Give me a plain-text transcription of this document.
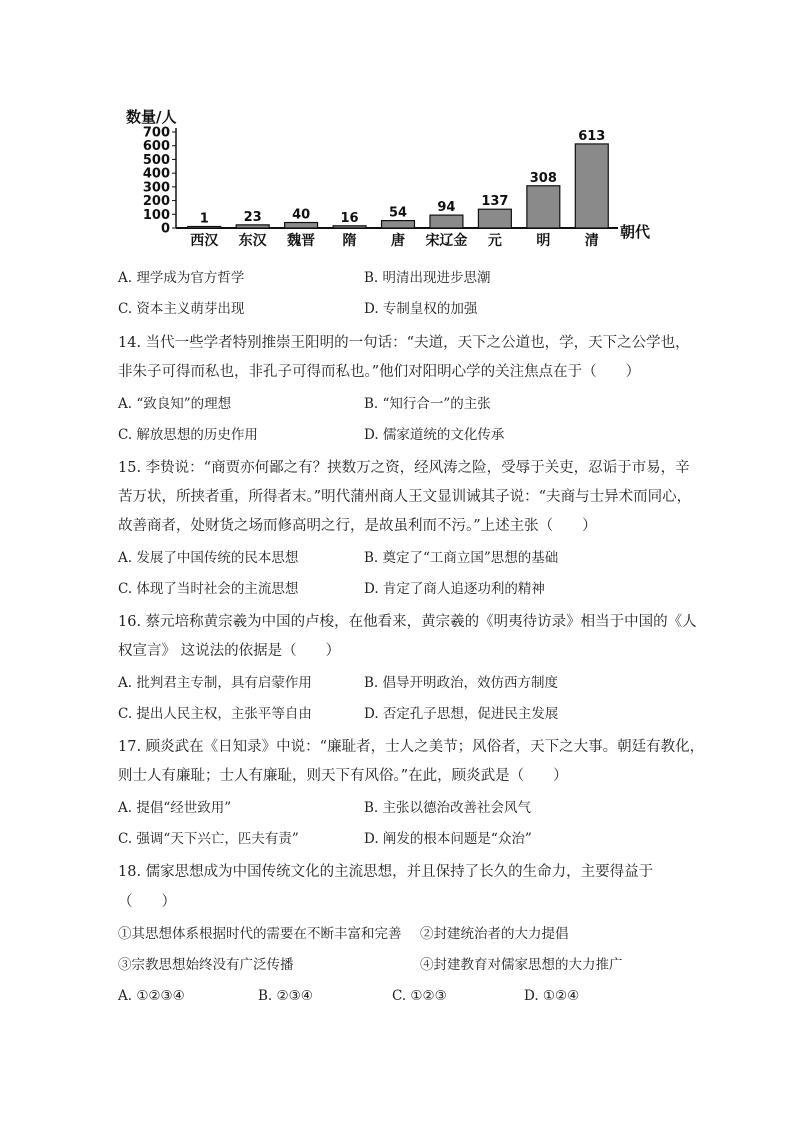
数量/人
朝代
0
100
200
300
400
500
600
700
1
西汉
23
东汉
40
魏晋
16
隋
54
唐
94
宋辽金
137
元
308
明
613
清
A. 理学成为官方哲学	B. 明清出现进步思潮
C. 资本主义萌芽出现	D. 专制皇权的加强
14. 当代一些学者特别推崇王阳明的一句话：“夫道，天下之公道也，学，天下之公学也，
非朱子可得而私也，非孔子可得而私也。”他们对阳明心学的关注焦点在于（　　）
A. “致良知”的理想	B. “知行合一”的主张
C. 解放思想的历史作用	D. 儒家道统的文化传承
15. 李贽说：“商贾亦何鄙之有？挟数万之资，经风涛之险，受辱于关吏，忍诟于市易，辛
苦万状，所挟者重，所得者末。”明代蒲州商人王文显训诫其子说：“夫商与士异术而同心，
故善商者，处财货之场而修高明之行，是故虽利而不污。”上述主张（　　）
A. 发展了中国传统的民本思想	B. 奠定了“工商立国”思想的基础
C. 体现了当时社会的主流思想	D. 肯定了商人追逐功利的精神
16. 蔡元培称黄宗羲为中国的卢梭，在他看来，黄宗羲的《明夷待访录》相当于中国的《人
权宣言》 这说法的依据是（　　）
A. 批判君主专制，具有启蒙作用	B. 倡导开明政治，效仿西方制度
C. 提出人民主权，主张平等自由	D. 否定孔子思想，促进民主发展
17. 顾炎武在《日知录》中说：“廉耻者，士人之美节；风俗者，天下之大事。朝廷有教化，
则士人有廉耻；士人有廉耻，则天下有风俗。”在此，顾炎武是（　　）
A. 提倡“经世致用”	B. 主张以德治改善社会风气
C. 强调“天下兴亡，匹夫有责”	D. 阐发的根本问题是“众治”
18. 儒家思想成为中国传统文化的主流思想，并且保持了长久的生命力，主要得益于
（　　）
①其思想体系根据时代的需要在不断丰富和完善 ②封建统治者的大力提倡
③宗教思想始终没有广泛传播	④封建教育对儒家思想的大力推广
A. ①②③④	B. ②③④	C. ①②③	D. ①②④
